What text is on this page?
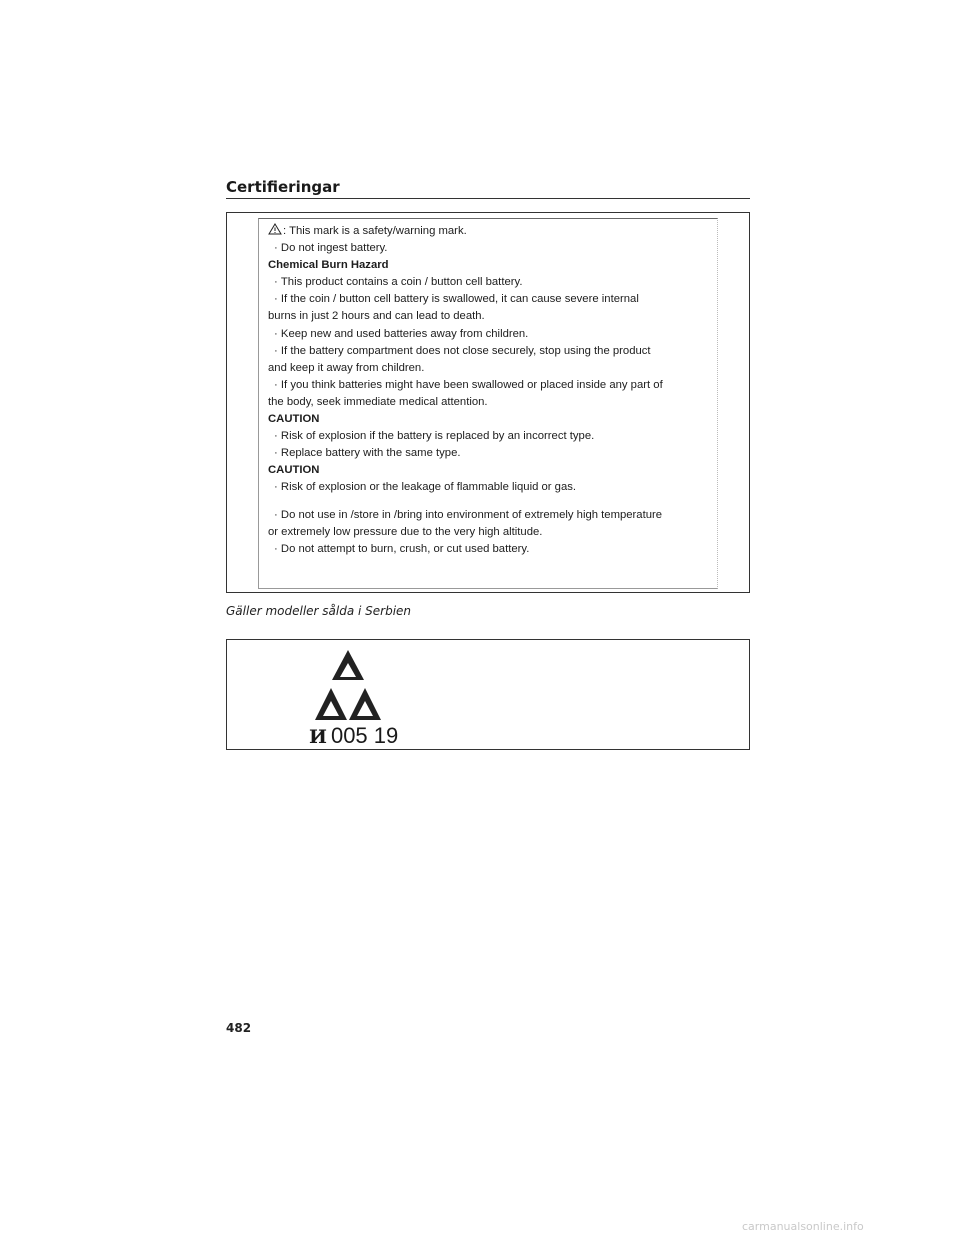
Certifieringar
: This mark is a safety/warning mark.
· Do not ingest battery.
Chemical Burn Hazard
· This product contains a coin / button cell battery.
· If the coin / button cell battery is swallowed, it can cause severe internal
burns in just 2 hours and can lead to death.
· Keep new and used batteries away from children.
· If the battery compartment does not close securely, stop using the product
and keep it away from children.
· If you think batteries might have been swallowed or placed inside any part of
the body, seek immediate medical attention.
CAUTION
· Risk of explosion if the battery is replaced by an incorrect type.
· Replace battery with the same type.
CAUTION
· Risk of explosion or the leakage of flammable liquid or gas.
· Do not use in /store in /bring into environment of extremely high temperature
or extremely low pressure due to the very high altitude.
· Do not attempt to burn, crush, or cut used battery.
Gäller modeller sålda i Serbien
И 005 19
482
carmanualsonline.info
